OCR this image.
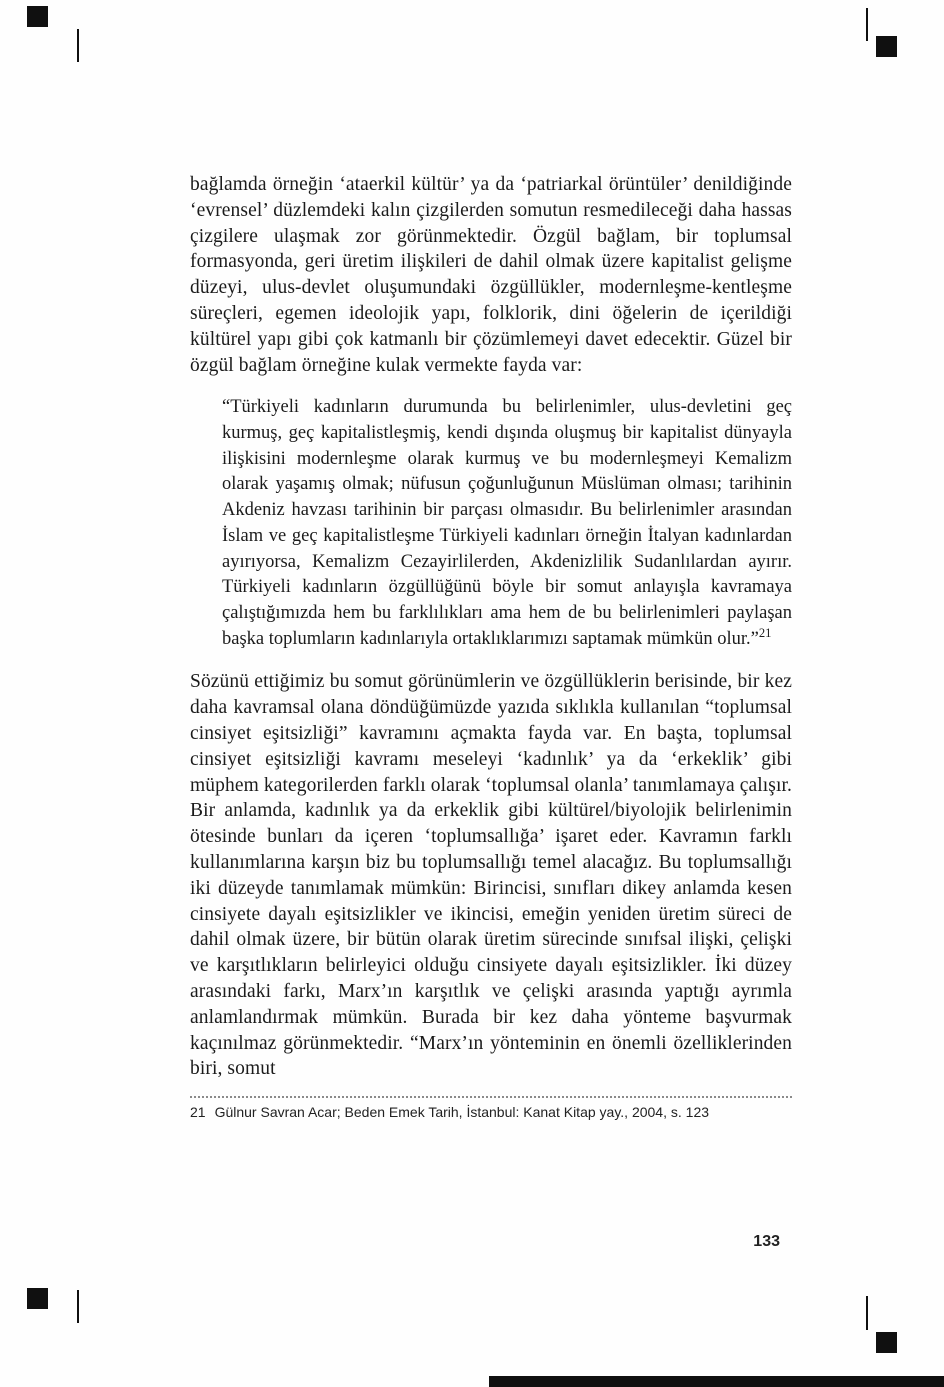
bağlamda örneğin ‘ataerkil kültür’ ya da ‘patriarkal örüntüler’ denildiğinde ‘evrensel’ düzlemdeki kalın çizgilerden somutun resmedileceği daha hassas çizgilere ulaşmak zor görünmektedir. Özgül bağlam, bir toplumsal formasyonda, geri üretim ilişkileri de dahil olmak üzere kapitalist gelişme düzeyi, ulus-devlet oluşumundaki özgüllükler, modernleşme-kentleşme süreçleri, egemen ideolojik yapı, folklorik, dini öğelerin de içerildiği kültürel yapı gibi çok katmanlı bir çözümlemeyi davet edecektir. Güzel bir özgül bağlam örneğine kulak vermekte fayda var:

“Türkiyeli kadınların durumunda bu belirlenimler, ulus-devletini geç kurmuş, geç kapitalistleşmiş, kendi dışında oluşmuş bir kapitalist dünyayla ilişkisini modernleşme olarak kurmuş ve bu modernleşmeyi Kemalizm olarak yaşamış olmak; nüfusun çoğunluğunun Müslüman olması; tarihinin Akdeniz havzası tarihinin bir parçası olmasıdır. Bu belirlenimler arasından İslam ve geç kapitalistleşme Türkiyeli kadınları örneğin İtalyan kadınlardan ayırıyorsa, Kemalizm Cezayirlilerden, Akdenizlilik Sudanlılardan ayırır. Türkiyeli kadınların özgüllüğünü böyle bir somut anlayışla kavramaya çalıştığımızda hem bu farklılıkları ama hem de bu belirlenimleri paylaşan başka toplumların kadınlarıyla ortaklıklarımızı saptamak mümkün olur.”$^{21}$

Sözünü ettiğimiz bu somut görünümlerin ve özgüllüklerin berisinde, bir kez daha kavramsal olana döndüğümüzde yazıda sıklıkla kullanılan “toplumsal cinsiyet eşitsizliği” kavramını açmakta fayda var. En başta, toplumsal cinsiyet eşitsizliği kavramı meseleyi ‘kadınlık’ ya da ‘erkeklik’ gibi müphem kategorilerden farklı olarak ‘toplumsal olanla’ tanımlamaya çalışır. Bir anlamda, kadınlık ya da erkeklik gibi kültürel/biyolojik belirlenimin ötesinde bunları da içeren ‘toplumsallığa’ işaret eder. Kavramın farklı kullanımlarına karşın biz bu toplumsallığı temel alacağız. Bu toplumsallığı iki düzeyde tanımlamak mümkün: Birincisi, sınıfları dikey anlamda kesen cinsiyete dayalı eşitsizlikler ve ikincisi, emeğin yeniden üretim süreci de dahil olmak üzere, bir bütün olarak üretim sürecinde sınıfsal ilişki, çelişki ve karşıtlıkların belirleyici olduğu cinsiyete dayalı eşitsizlikler. İki düzey arasındaki farkı, Marx’ın karşıtlık ve çelişki arasında yaptığı ayrımla anlamlandırmak mümkün. Burada bir kez daha yönteme başvurmak kaçınılmaz görünmektedir. “Marx’ın yönteminin en önemli özelliklerinden biri, somut

21 Gülnur Savran Acar; Beden Emek Tarih, İstanbul: Kanat Kitap yay., 2004, s. 123

133
